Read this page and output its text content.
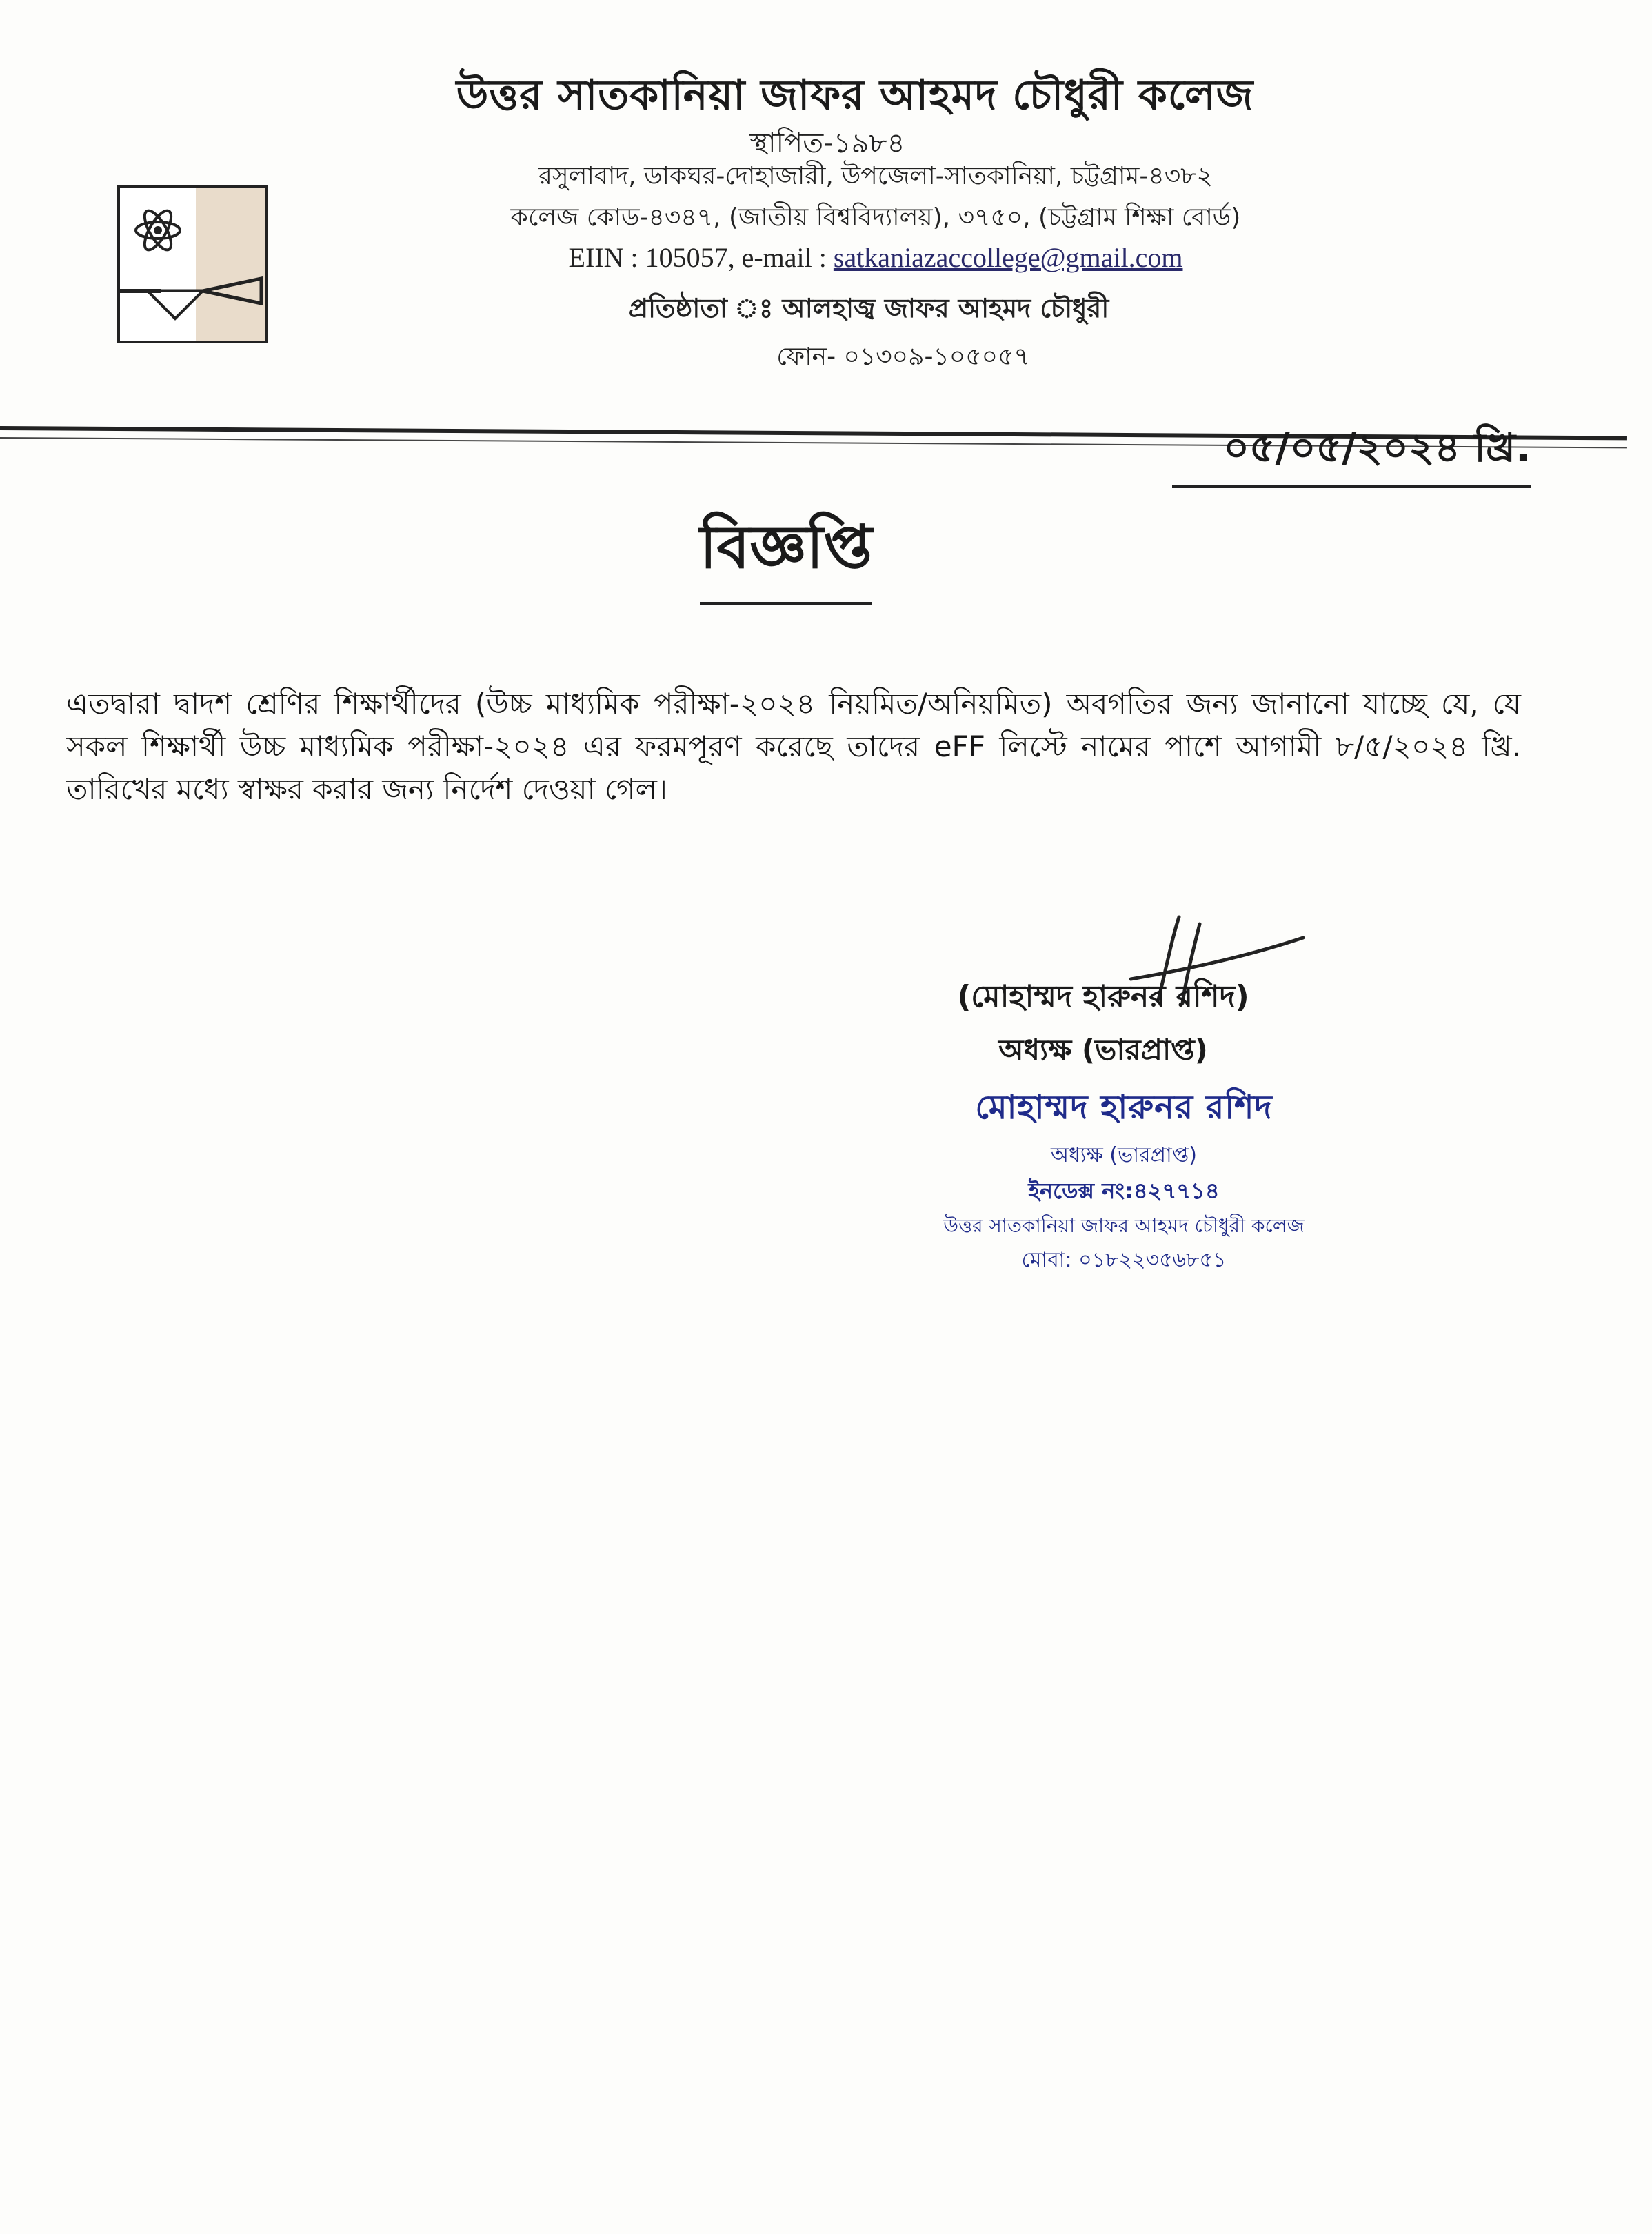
উত্তর সাতকানিয়া জাফর আহমদ চৌধুরী কলেজ
স্থাপিত-১৯৮৪
রসুলাবাদ, ডাকঘর-দোহাজারী, উপজেলা-সাতকানিয়া, চট্টগ্রাম-৪৩৮২
কলেজ কোড-৪৩৪৭, (জাতীয় বিশ্ববিদ্যালয়), ৩৭৫০, (চট্টগ্রাম শিক্ষা বোর্ড)
EIIN : 105057, e-mail : satkaniazaccollege@gmail.com
প্রতিষ্ঠাতা ঃ আলহাজ্ব জাফর আহমদ চৌধুরী
ফোন- ০১৩০৯-১০৫০৫৭
০৫/০৫/২০২৪ খ্রি.
বিজ্ঞপ্তি
এতদ্বারা দ্বাদশ শ্রেণির শিক্ষার্থীদের (উচ্চ মাধ্যমিক পরীক্ষা-২০২৪ নিয়মিত/অনিয়মিত) অবগতির জন্য জানানো যাচ্ছে যে, যে সকল শিক্ষার্থী উচ্চ মাধ্যমিক পরীক্ষা-২০২৪ এর ফরমপূরণ করেছে তাদের eFF লিস্টে নামের পাশে আগামী ৮/৫/২০২৪ খ্রি. তারিখের মধ্যে স্বাক্ষর করার জন্য নির্দেশ দেওয়া গেল।
(মোহাম্মদ হারুনর রশিদ)
অধ্যক্ষ (ভারপ্রাপ্ত)
মোহাম্মদ হারুনর রশিদ
অধ্যক্ষ (ভারপ্রাপ্ত)
ইনডেক্স নং:৪২৭৭১৪
উত্তর সাতকানিয়া জাফর আহমদ চৌধুরী কলেজ
মোবা: ০১৮২২৩৫৬৮৫১
